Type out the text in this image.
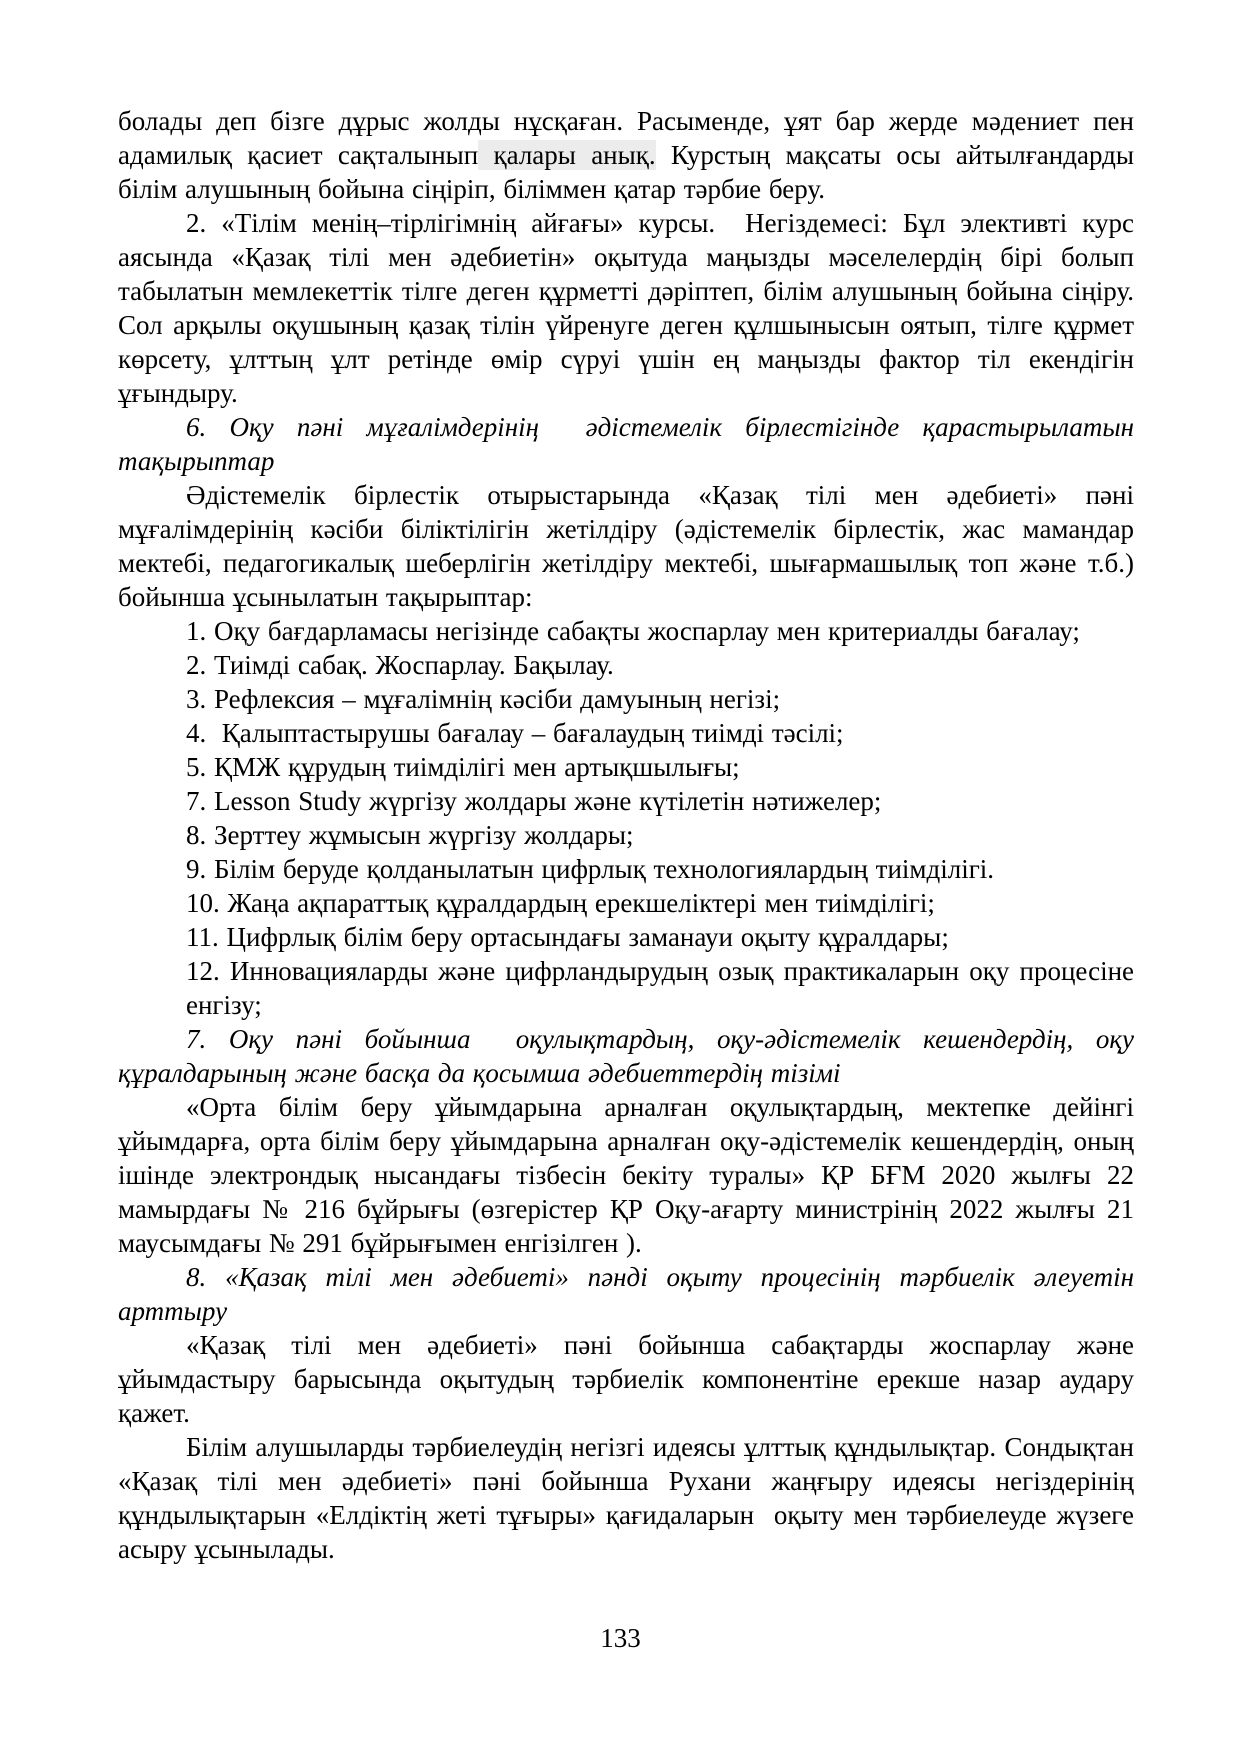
болады деп бізге дұрыс жолды нұсқаған. Расыменде, ұят бар жерде мәдениет пен адамилық қасиет сақталынып қалары анық. Курстың мақсаты осы айтылғандарды білім алушының бойына сіңіріп, біліммен қатар тәрбие беру.

2. «Тілім менің–тірлігімнің айғағы» курсы.  Негіздемесі: Бұл элективті курс аясында «Қазақ тілі мен әдебиетін» оқытуда маңызды мәселелердің бірі болып табылатын мемлекеттік тілге деген құрметті дәріптеп, білім алушының бойына сіңіру. Сол арқылы оқушының қазақ тілін үйренуге деген құлшынысын оятып, тілге құрмет көрсету, ұлттың ұлт ретінде өмір сүруі үшін ең маңызды фактор тіл екендігін ұғындыру.

6. Оқу пәні мұғалімдерінің  әдістемелік бірлестігінде қарастырылатын тақырыптар

Әдістемелік бірлестік отырыстарында «Қазақ тілі мен әдебиеті» пәні мұғалімдерінің кәсіби біліктілігін жетілдіру (әдістемелік бірлестік, жас мамандар мектебі, педагогикалық шеберлігін жетілдіру мектебі, шығармашылық топ және т.б.) бойынша ұсынылатын тақырыптар:

1. Оқу бағдарламасы негізінде сабақты жоспарлау мен критериалды бағалау;

2. Тиімді сабақ. Жоспарлау. Бақылау.

3. Рефлексия – мұғалімнің кәсіби дамуының негізі;

4.  Қалыптастырушы бағалау – бағалаудың тиімді тәсілі;

5. ҚМЖ құрудың тиімділігі мен артықшылығы;

7. Lesson Study жүргізу жолдары және күтілетін нәтижелер;

8. Зерттеу жұмысын жүргізу жолдары;

9. Білім беруде қолданылатын цифрлық технологиялардың тиімділігі.

10. Жаңа ақпараттық құралдардың ерекшеліктері мен тиімділігі;

11. Цифрлық білім беру ортасындағы заманауи оқыту құралдары;

12. Инновацияларды және цифрландырудың озық практикаларын оқу процесіне енгізу;

7. Оқу пәні бойынша  оқулықтардың, оқу-әдістемелік кешендердің, оқу құралдарының және басқа да қосымша әдебиеттердің тізімі

«Орта білім беру ұйымдарына арналған оқулықтардың, мектепке дейінгі ұйымдарға, орта білім беру ұйымдарына арналған оқу-әдістемелік кешендердің, оның ішінде электрондық нысандағы тізбесін бекіту туралы» ҚР БҒМ 2020 жылғы 22 мамырдағы № 216 бұйрығы (өзгерістер ҚР Оқу-ағарту министрінің 2022 жылғы 21 маусымдағы № 291 бұйрығымен енгізілген ).

8. «Қазақ тілі мен әдебиеті» пәнді оқыту процесінің тәрбиелік әлеуетін арттыру

«Қазақ тілі мен әдебиеті» пәні бойынша сабақтарды жоспарлау және ұйымдастыру барысында оқытудың тәрбиелік компонентіне ерекше назар аудару қажет.

Білім алушыларды тәрбиелеудің негізгі идеясы ұлттық құндылықтар. Сондықтан «Қазақ тілі мен әдебиеті» пәні бойынша Рухани жаңғыру идеясы негіздерінің құндылықтарын «Елдіктің жеті тұғыры» қағидаларын  оқыту мен тәрбиелеуде жүзеге асыру ұсынылады.

133
